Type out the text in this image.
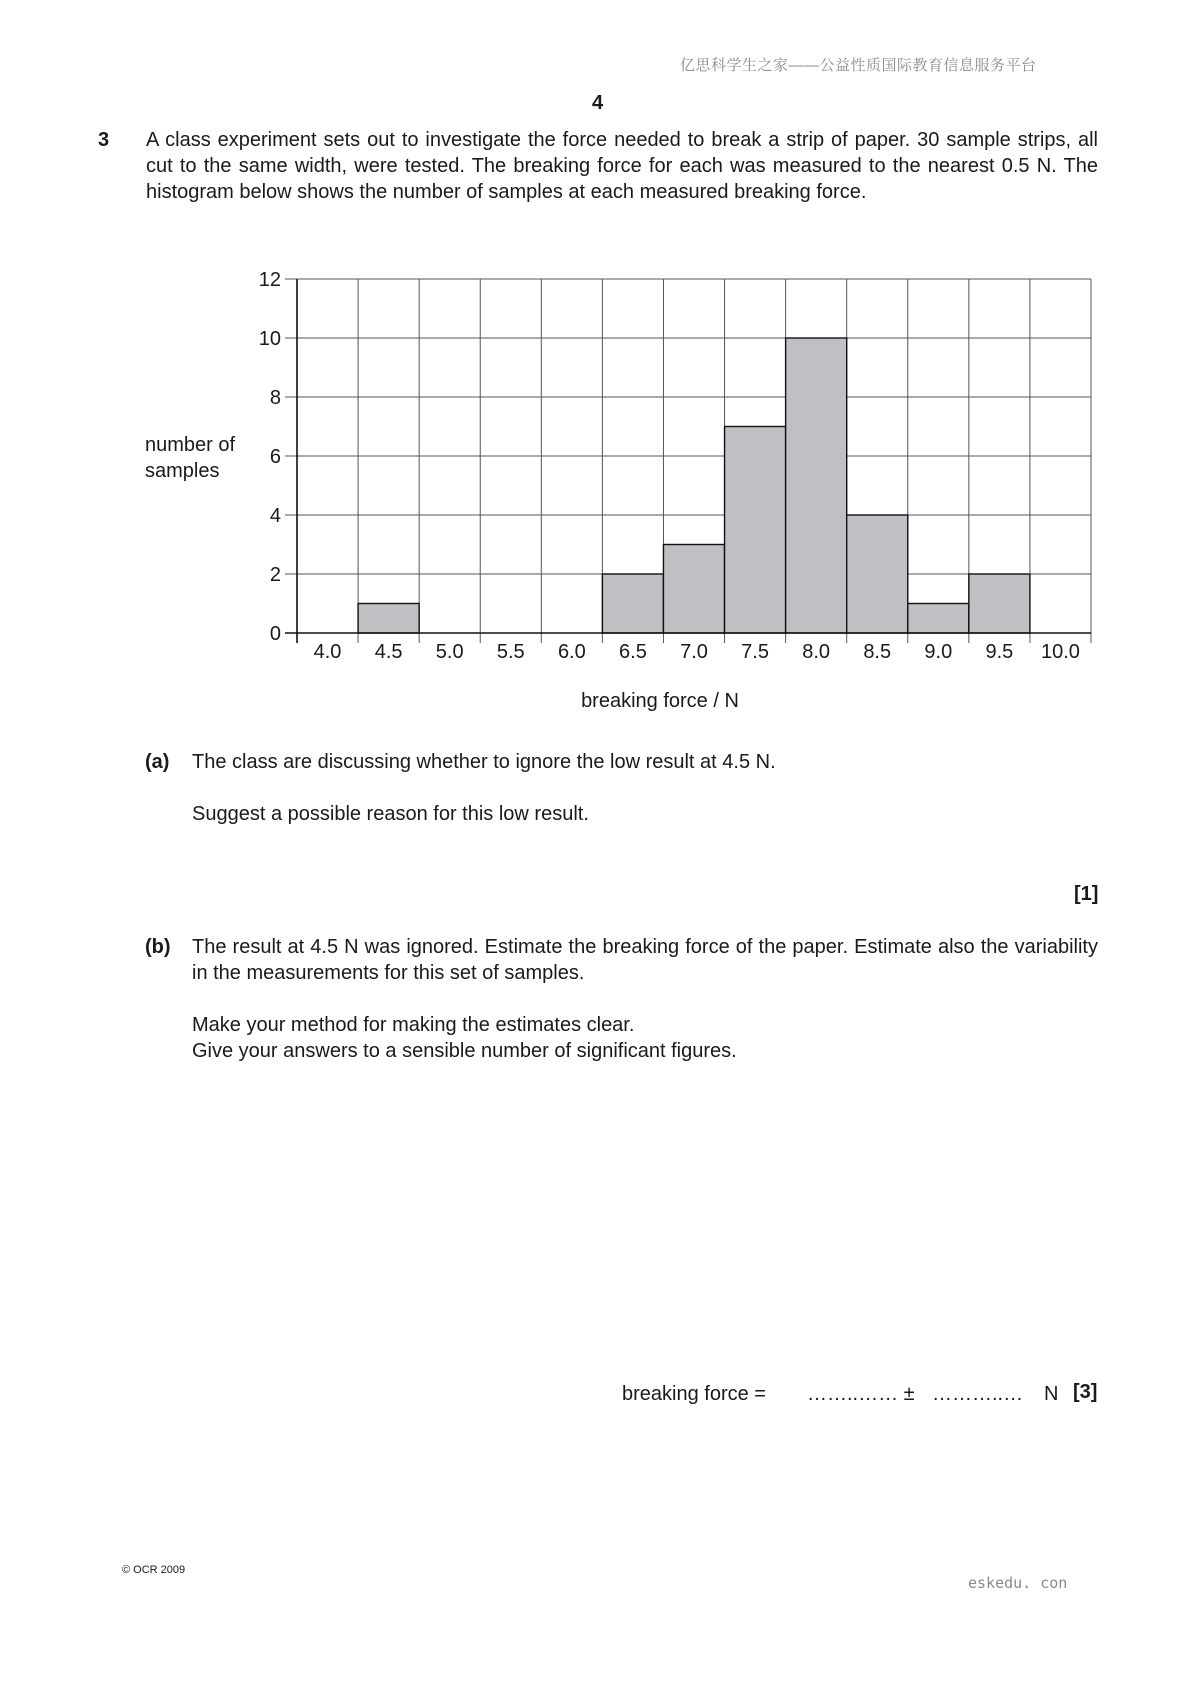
亿思科学生之家——公益性质国际教育信息服务平台
4
3 A class experiment sets out to investigate the force needed to break a strip of paper. 30 sample strips, all cut to the same width, were tested. The breaking force for each was measured to the nearest 0.5 N. The histogram below shows the number of samples at each measured breaking force.
0
2
4
6
8
10
12
4.0 4.5 5.0 5.5 6.0 6.5 7.0 7.5 8.0 8.5 9.0 9.5 10.0
number of
samples
breaking force / N
(a) The class are discussing whether to ignore the low result at 4.5 N.
Suggest a possible reason for this low result.
[1]
(b) The result at 4.5 N was ignored. Estimate the breaking force of the paper. Estimate also the variability in the measurements for this set of samples.
Make your method for making the estimates clear.
Give your answers to a sensible number of significant figures.
breaking force = ……..…… ± ………..… N [3]
© OCR 2009
eskedu. con
